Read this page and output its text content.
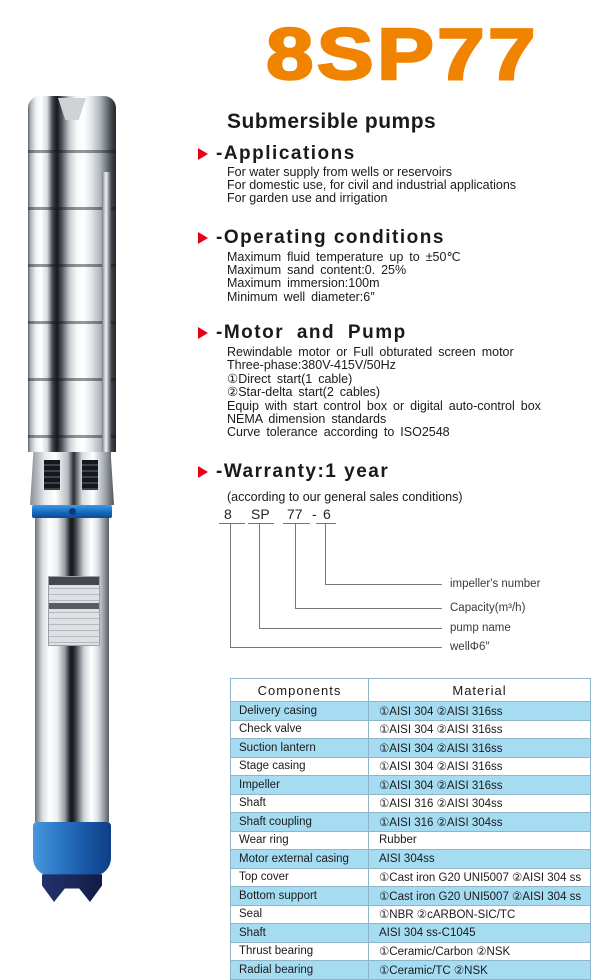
8SP77
Submersible pumps
-Applications
For water supply from wells or reservoirs
For domestic use, for civil and industrial applications
For garden use and irrigation
-Operating conditions
Maximum fluid temperature up to ±50℃
Maximum sand content:0. 25%
Maximum immersion:100m
Minimum well diameter:6″
-Motor and Pump
Rewindable motor or Full obturated screen motor
Three-phase:380V-415V/50Hz
①Direct start(1 cable)
②Star-delta start(2 cables)
Equip with start control box or digital auto-control box
NEMA dimension standards
Curve tolerance according to ISO2548
-Warranty:1 year
(according to our general sales conditions)
8 SP 77 - 6
impeller's number
Capacity(m³/h)
pump name
wellΦ6″
Components	Material
Delivery casing	①AISI 304 ②AISI 316ss
Check valve	①AISI 304 ②AISI 316ss
Suction lantern	①AISI 304 ②AISI 316ss
Stage casing	①AISI 304 ②AISI 316ss
Impeller	①AISI 304 ②AISI 316ss
Shaft	①AISI 316 ②AISI 304ss
Shaft coupling	①AISI 316 ②AISI 304ss
Wear ring	Rubber
Motor external casing	AISI 304ss
Top cover	①Cast iron G20 UNI5007 ②AISI 304 ss
Bottom support	①Cast iron G20 UNI5007 ②AISI 304 ss
Seal	①NBR ②cARBON-SIC/TC
Shaft	AISI 304 ss-C1045
Thrust bearing	①Ceramic/Carbon ②NSK
Radial bearing	①Ceramic/TC ②NSK
